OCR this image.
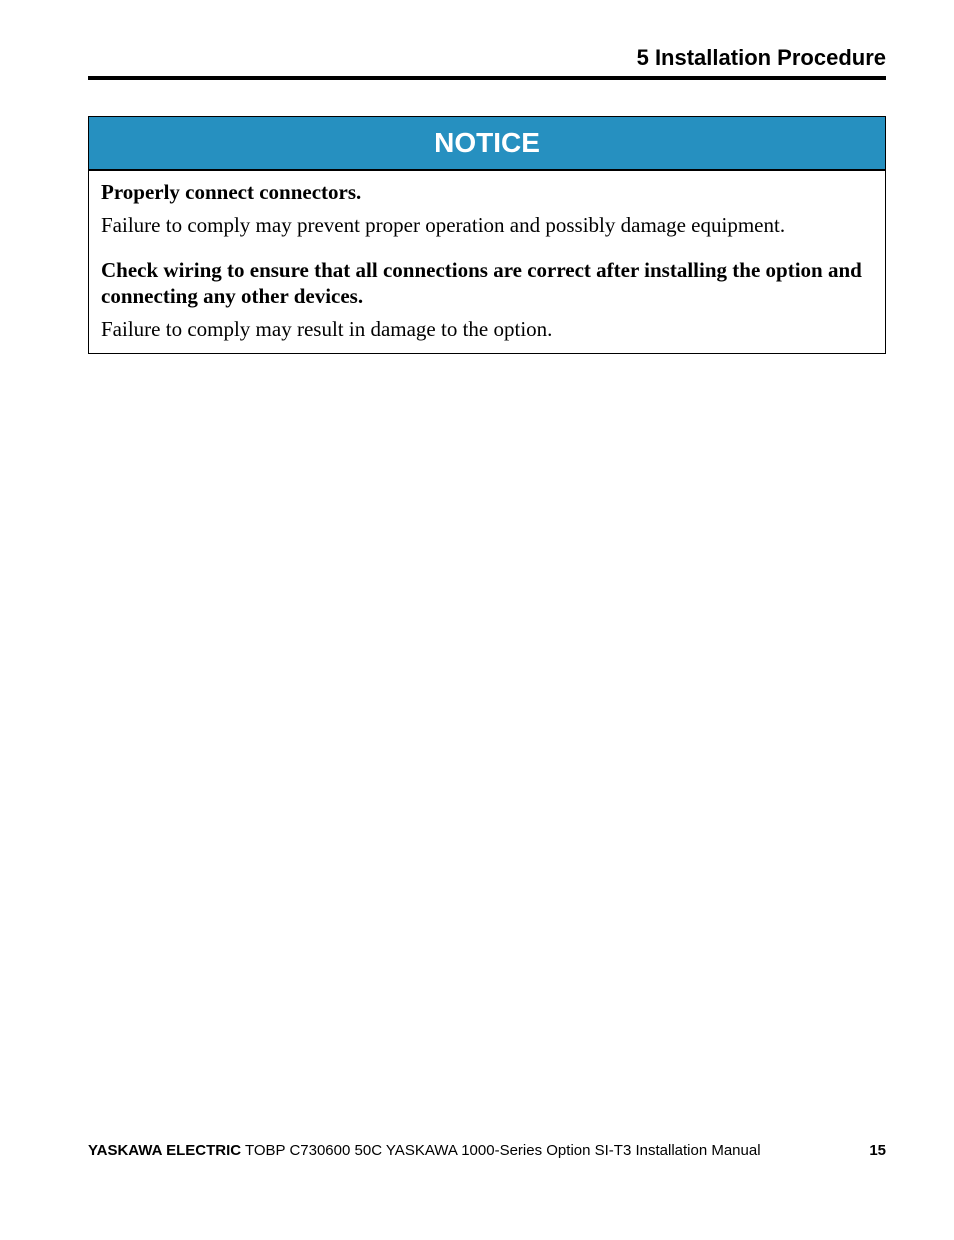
5 Installation Procedure
NOTICE

Properly connect connectors.

Failure to comply may prevent proper operation and possibly damage equipment.

Check wiring to ensure that all connections are correct after installing the option and connecting any other devices.

Failure to comply may result in damage to the option.

YASKAWA ELECTRIC TOBP C730600 50C YASKAWA 1000-Series Option SI-T3 Installation Manual	15
